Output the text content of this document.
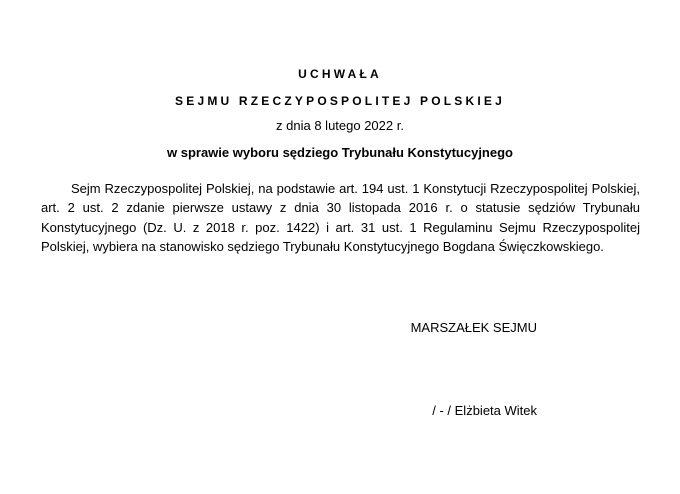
UCHWAŁA
SEJMU RZECZYPOSPOLITEJ POLSKIEJ
z dnia 8 lutego 2022 r.
w sprawie wyboru sędziego Trybunału Konstytucyjnego

Sejm Rzeczypospolitej Polskiej, na podstawie art. 194 ust. 1 Konstytucji Rzeczypospolitej Polskiej, art. 2 ust. 2 zdanie pierwsze ustawy z dnia 30 listopada 2016 r. o statusie sędziów Trybunału Konstytucyjnego (Dz. U. z 2018 r. poz. 1422) i art. 31 ust. 1 Regulaminu Sejmu Rzeczypospolitej Polskiej, wybiera na stanowisko sędziego Trybunału Konstytucyjnego Bogdana Święczkowskiego.

MARSZAŁEK SEJMU
/ - / Elżbieta Witek
